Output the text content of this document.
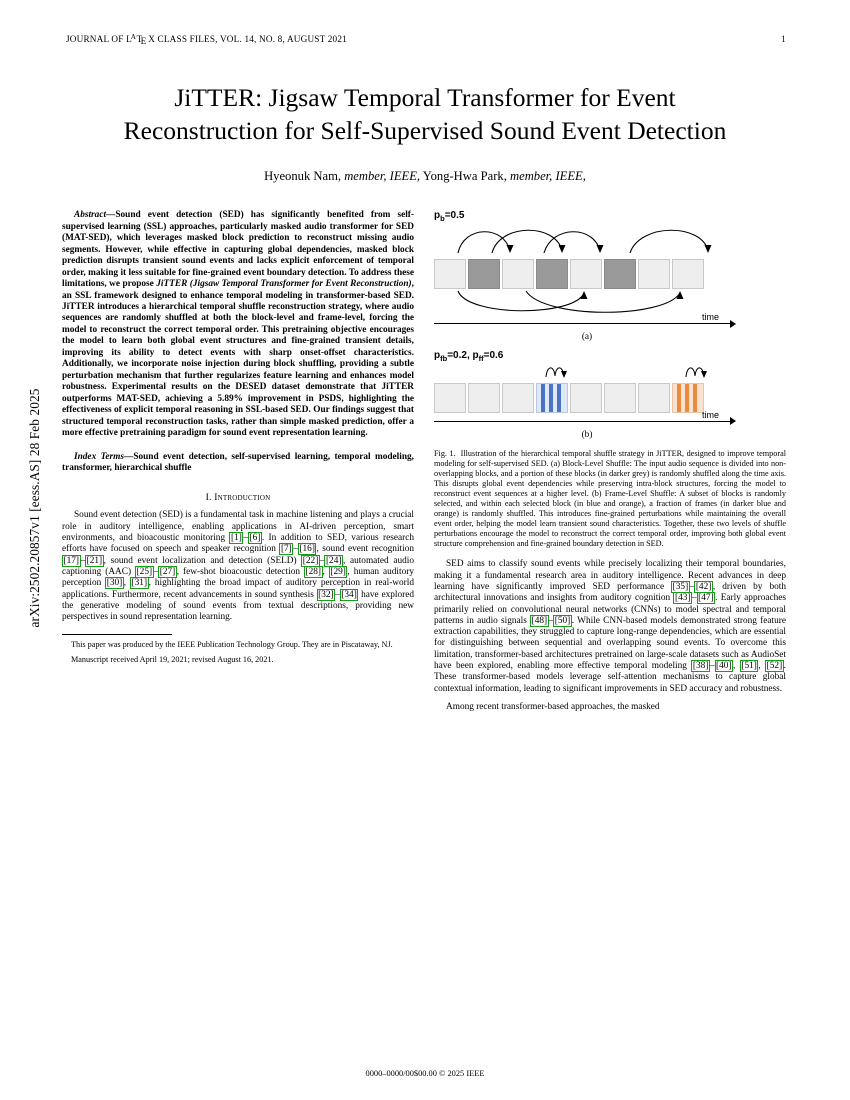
JOURNAL OF $L^ATE$ X CLASS FILES, VOL. 14, NO. 8, AUGUST 2021	1
arXiv:2502.20857v1 [eess.AS] 28 Feb 2025
JiTTER: Jigsaw Temporal Transformer for Event Reconstruction for Self-Supervised Sound Event Detection
Hyeonuk Nam, member, IEEE, Yong-Hwa Park, member, IEEE,
Abstract—Sound event detection (SED) has significantly benefited from self-supervised learning (SSL) approaches, particularly masked audio transformer for SED (MAT-SED), which leverages masked block prediction to reconstruct missing audio segments. However, while effective in capturing global dependencies, masked block prediction disrupts transient sound events and lacks explicit enforcement of temporal order, making it less suitable for fine-grained event boundary detection. To address these limitations, we propose JiTTER (Jigsaw Temporal Transformer for Event Reconstruction), an SSL framework designed to enhance temporal modeling in transformer-based SED. JiTTER introduces a hierarchical temporal shuffle reconstruction strategy, where audio sequences are randomly shuffled at both the block-level and frame-level, forcing the model to reconstruct the correct temporal order. This pretraining objective encourages the model to learn both global event structures and fine-grained transient details, improving its ability to detect events with sharp onset-offset characteristics. Additionally, we incorporate noise injection during block shuffling, providing a subtle perturbation mechanism that further regularizes feature learning and enhances model robustness. Experimental results on the DESED dataset demonstrate that JiTTER outperforms MAT-SED, achieving a 5.89% improvement in PSDS, highlighting the effectiveness of explicit temporal reasoning in SSL-based SED. Our findings suggest that structured temporal reconstruction tasks, rather than simple masked prediction, offer a more effective pretraining paradigm for sound event representation learning.
Index Terms—Sound event detection, self-supervised learning, temporal modeling, transformer, hierarchical shuffle
I. Introduction

Sound event detection (SED) is a fundamental task in machine listening and plays a crucial role in auditory intelligence, enabling applications in AI-driven perception, smart environments, and bioacoustic monitoring [1] – [6] . In addition to SED, various research efforts have focused on speech and speaker recognition [7] – [16] , sound event recognition [17] – [21] , sound event localization and detection (SELD) [22] – [24] , automated audio captioning (AAC) [25] – [27] , few-shot bioacoustic detection [28] , [29] , human auditory perception [30] , [31] , highlighting the broad impact of auditory perception in real-world applications. Furthermore, recent advancements in sound synthesis [32] – [34] have explored the generative modeling of sound events from textual descriptions, providing new perspectives in sound representation learning.

This paper was produced by the IEEE Publication Technology Group. They are in Piscataway, NJ.
Manuscript received April 19, 2021; revised August 16, 2021.
$p_b=0.5$
time
(a)
$p_{fb}=0.2$, $p_{ff}=0.6$
time
(b)
Fig. 1. Illustration of the hierarchical temporal shuffle strategy in JiTTER, designed to improve temporal modeling for self-supervised SED. (a) Block-Level Shuffle: The input audio sequence is divided into non-overlapping blocks, and a portion of these blocks (in darker grey) is randomly shuffled along the time axis. This disrupts global event dependencies while preserving intra-block structures, forcing the model to reconstruct event sequences at a higher level. (b) Frame-Level Shuffle: A subset of blocks is randomly selected, and within each selected block (in blue and orange), a fraction of frames (in darker blue and orange) is randomly shuffled. This introduces fine-grained perturbations while maintaining the overall event order, helping the model learn transient sound characteristics. Together, these two levels of shuffle perturbations encourage the model to reconstruct the correct temporal order, improving both global event structure comprehension and fine-grained boundary detection in SED.

SED aims to classify sound events while precisely localizing their temporal boundaries, making it a fundamental research area in auditory intelligence. Recent advances in deep learning have significantly improved SED performance [35] – [42] , driven by both architectural innovations and insights from auditory cognition [43] – [47] . Early approaches primarily relied on convolutional neural networks (CNNs) to model spectral and temporal patterns in audio signals [48] – [50] . While CNN-based models demonstrated strong feature extraction capabilities, they struggled to capture long-range dependencies, which are essential for distinguishing between sequential and overlapping sound events. To overcome this limitation, transformer-based architectures pretrained on large-scale datasets such as AudioSet have been explored, enabling more effective temporal modeling [38] – [40] , [51] , [52] . These transformer-based models leverage self-attention mechanisms to capture global contextual information, leading to significant improvements in SED accuracy and robustness.

Among recent transformer-based approaches, the masked

0000–0000/00$00.00 © 2025 IEEE
